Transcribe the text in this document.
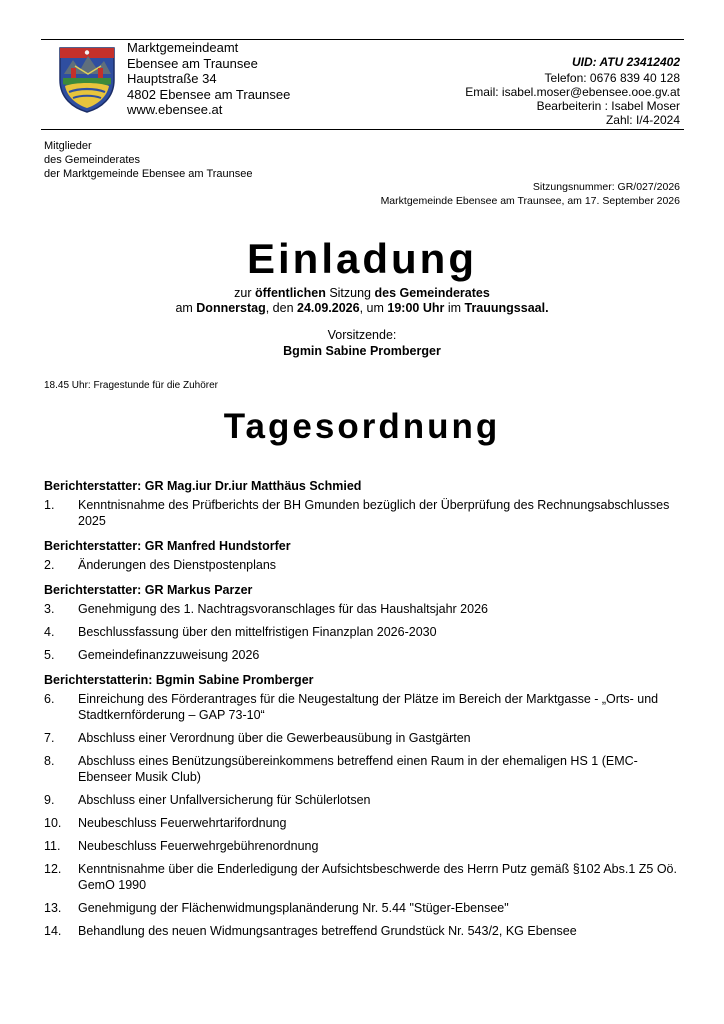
Marktgemeindeamt
Ebensee am Traunsee
Hauptstraße 34
4802 Ebensee am Traunsee
www.ebensee.at
UID: ATU 23412402
Telefon: 0676 839 40 128
Email: isabel.moser@ebensee.ooe.gv.at
Bearbeiterin : Isabel Moser
Zahl: I/4-2024
Mitglieder
des Gemeinderates
der Marktgemeinde Ebensee am Traunsee
Sitzungsnummer: GR/027/2026
Marktgemeinde Ebensee am Traunsee, am 17. September 2026
Einladung
zur öffentlichen Sitzung des Gemeinderates
am Donnerstag, den 24.09.2026, um 19:00 Uhr im Trauungssaal.
Vorsitzende:
Bgmin Sabine Promberger
18.45 Uhr: Fragestunde für die Zuhörer
Tagesordnung
Berichterstatter: GR Mag.iur Dr.iur Matthäus Schmied
1. Kenntnisnahme des Prüfberichts der BH Gmunden bezüglich der Überprüfung des Rechnungsabschlusses 2025
Berichterstatter: GR Manfred Hundstorfer
2. Änderungen des Dienstpostenplans
Berichterstatter: GR Markus Parzer
3. Genehmigung des 1. Nachtragsvoranschlages für das Haushaltsjahr 2026
4. Beschlussfassung über den mittelfristigen Finanzplan 2026-2030
5. Gemeindefinanzzuweisung 2026
Berichterstatterin: Bgmin Sabine Promberger
6. Einreichung des Förderantrages für die Neugestaltung der Plätze im Bereich der Marktgasse - „Orts- und Stadtkernförderung – GAP 73-10“
7. Abschluss einer Verordnung über die Gewerbeausübung in Gastgärten
8. Abschluss eines Benützungsübereinkommens betreffend einen Raum in der ehemaligen HS 1 (EMC-Ebenseer Musik Club)
9. Abschluss einer Unfallversicherung für Schülerlotsen
10. Neubeschluss Feuerwehrtarifordnung
11. Neubeschluss Feuerwehrgebührenordnung
12. Kenntnisnahme über die Enderledigung der Aufsichtsbeschwerde des Herrn Putz gemäß §102 Abs.1 Z5 Oö. GemO 1990
13. Genehmigung der Flächenwidmungsplanänderung Nr. 5.44 "Stüger-Ebensee"
14. Behandlung des neuen Widmungsantrages betreffend Grundstück Nr. 543/2, KG Ebensee
